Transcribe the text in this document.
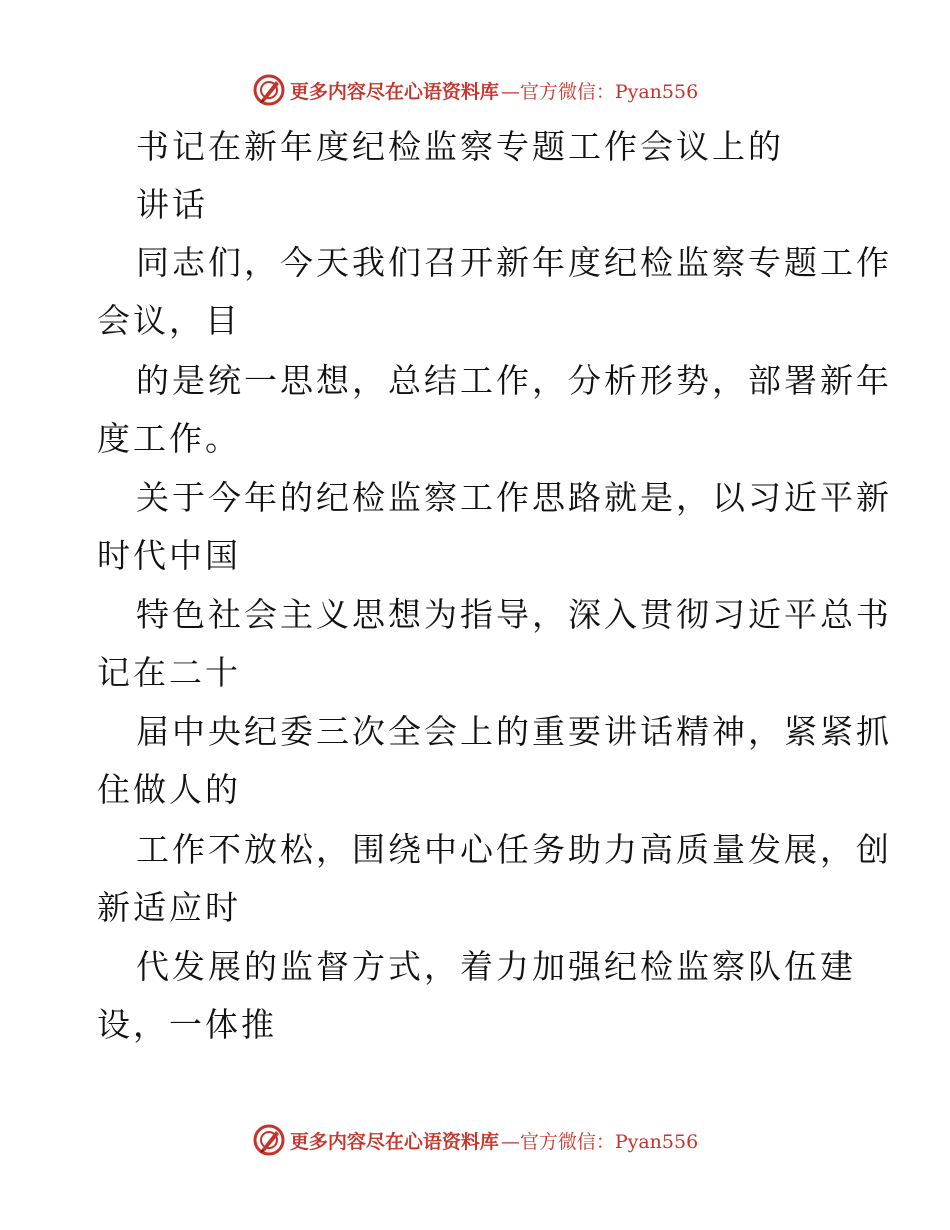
更多内容尽在心语资料库 —官方微信：Pyan556
书记在新年度纪检监察专题工作会议上的
讲话
同志们，今天我们召开新年度纪检监察专题工作
会议，目
的是统一思想，总结工作，分析形势，部署新年
度工作。
关于今年的纪检监察工作思路就是，以习近平新
时代中国
特色社会主义思想为指导，深入贯彻习近平总书
记在二十
届中央纪委三次全会上的重要讲话精神，紧紧抓
住做人的
工作不放松，围绕中心任务助力高质量发展，创
新适应时
代发展的监督方式，着力加强纪检监察队伍建
设，一体推
更多内容尽在心语资料库 —官方微信：Pyan556
